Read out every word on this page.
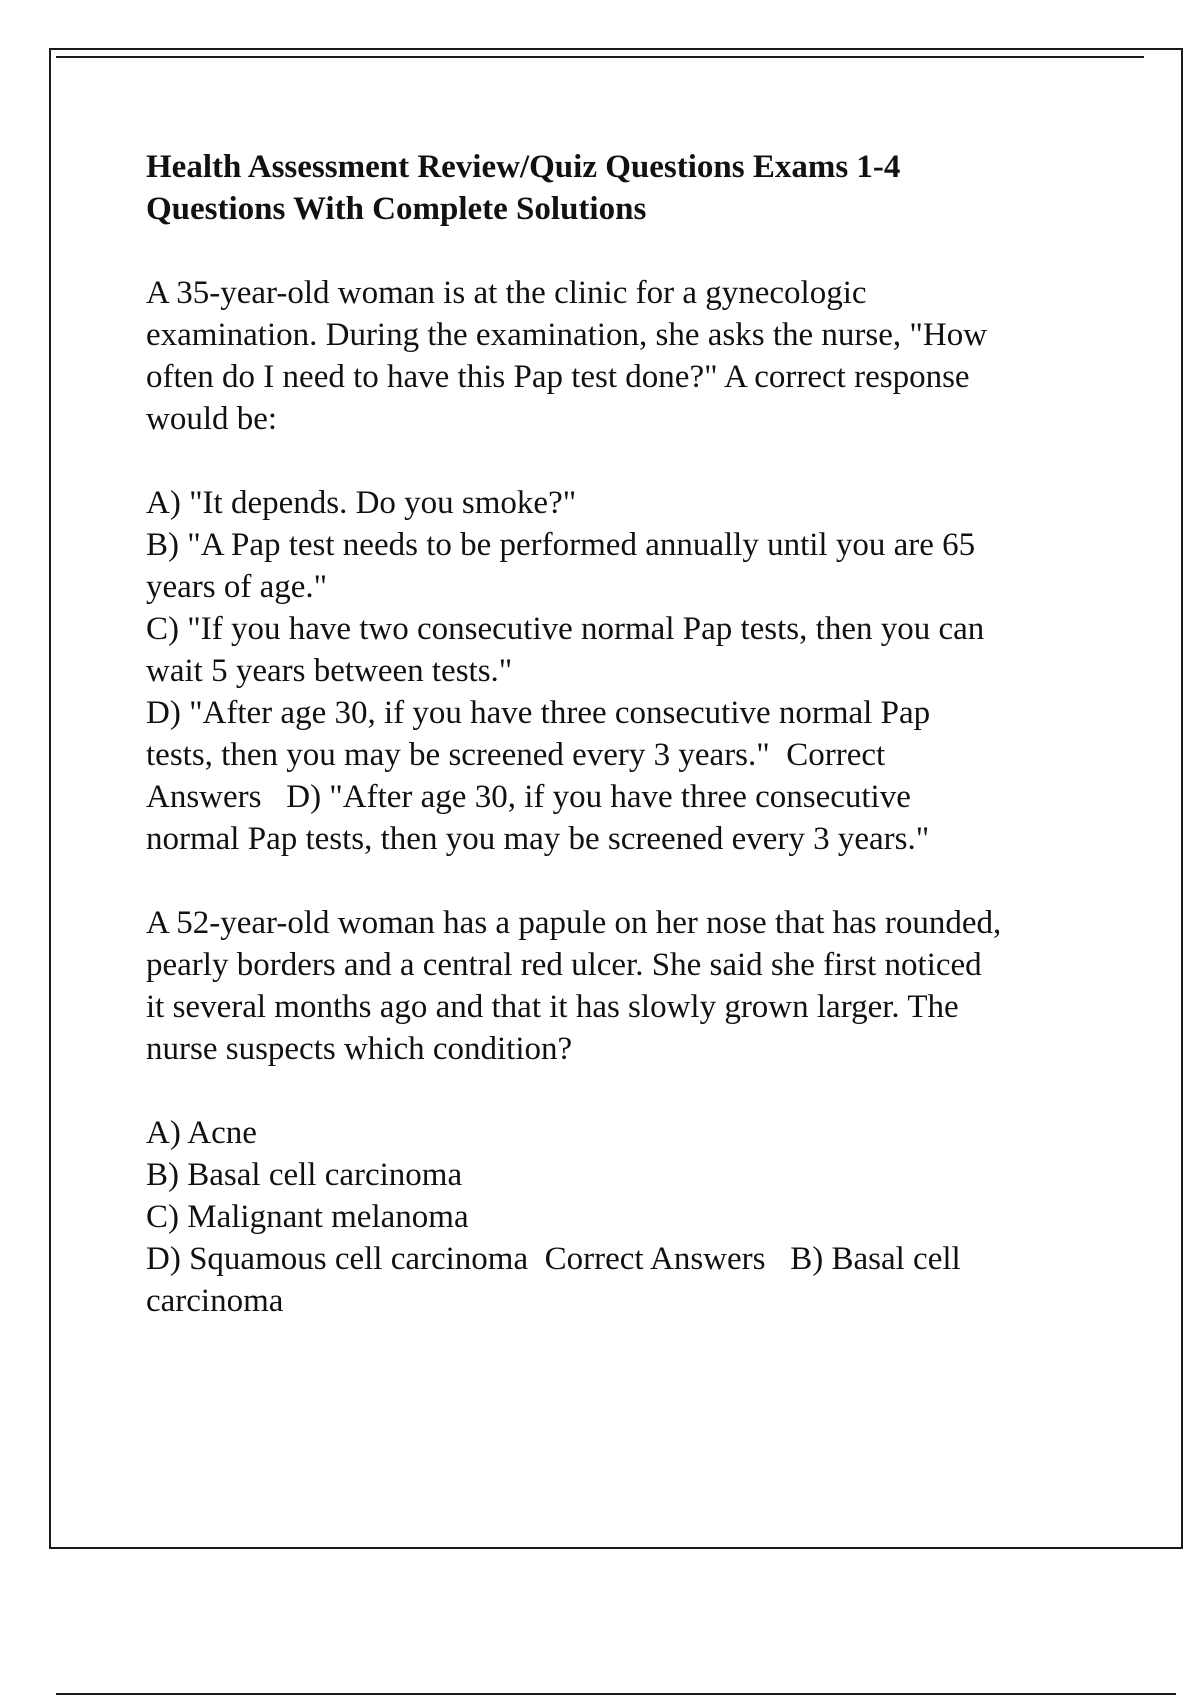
Health Assessment Review/Quiz Questions Exams 1-4
Questions With Complete Solutions
A 35-year-old woman is at the clinic for a gynecologic
examination. During the examination, she asks the nurse, "How
often do I need to have this Pap test done?" A correct response
would be:
A) "It depends. Do you smoke?"
B) "A Pap test needs to be performed annually until you are 65
years of age."
C) "If you have two consecutive normal Pap tests, then you can
wait 5 years between tests."
D) "After age 30, if you have three consecutive normal Pap
tests, then you may be screened every 3 years."  Correct
Answers   D) "After age 30, if you have three consecutive
normal Pap tests, then you may be screened every 3 years."
A 52-year-old woman has a papule on her nose that has rounded,
pearly borders and a central red ulcer. She said she first noticed
it several months ago and that it has slowly grown larger. The
nurse suspects which condition?
A) Acne
B) Basal cell carcinoma
C) Malignant melanoma
D) Squamous cell carcinoma  Correct Answers   B) Basal cell
carcinoma
